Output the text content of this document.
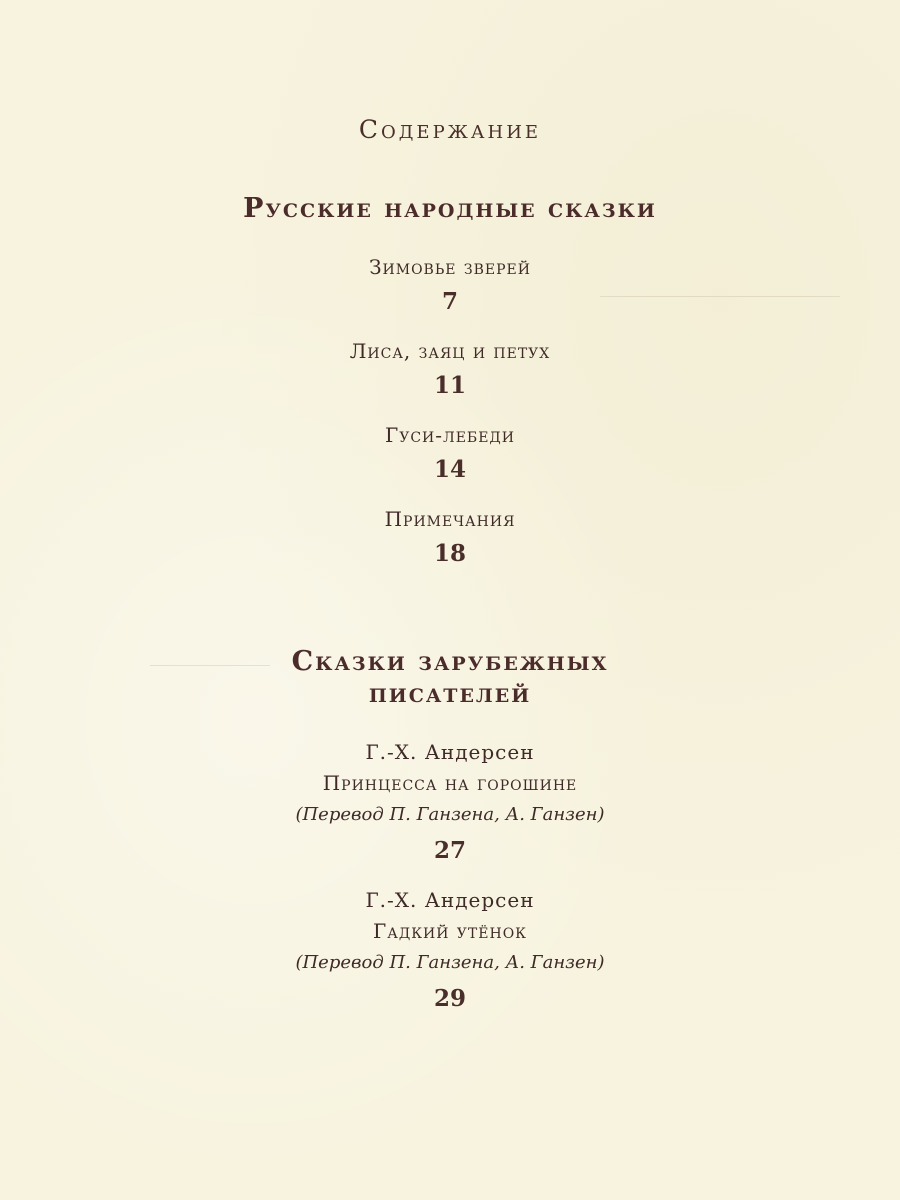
Содержание
Русские народные сказки
Зимовье зверей
7
Лиса, заяц и петух
11
Гуси-лебеди
14
Примечания
18
Сказки зарубежных
писателей
Г.-Х. Андерсен
Принцесса на горошине
(Перевод П. Ганзена, А. Ганзен)
27
Г.-Х. Андерсен
Гадкий утёнок
(Перевод П. Ганзена, А. Ганзен)
29
